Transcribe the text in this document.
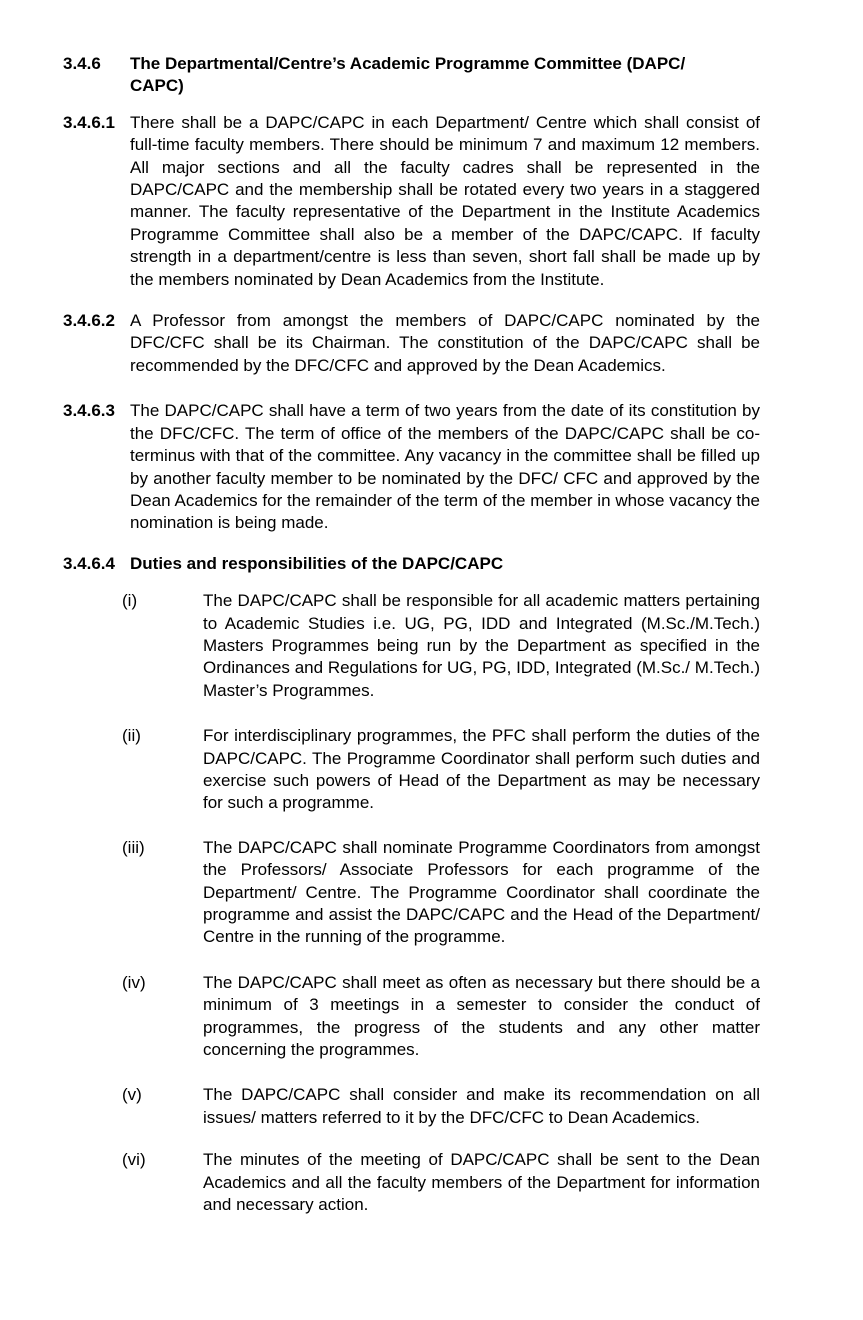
3.4.6	The Departmental/Centre’s Academic Programme Committee (DAPC/
CAPC)
3.4.6.1 There shall be a DAPC/CAPC in each Department/ Centre which shall consist of full-time faculty members. There should be minimum 7 and maximum 12 members. All major sections and all the faculty cadres shall be represented in the DAPC/CAPC and the membership shall be rotated every two years in a staggered manner. The faculty representative of the Department in the Institute Academics Programme Committee shall also be a member of the DAPC/CAPC. If faculty strength in a department/centre is less than seven, short fall shall be made up by the members nominated by Dean Academics from the Institute.
3.4.6.2 A Professor from amongst the members of DAPC/CAPC nominated by the DFC/CFC shall be its Chairman. The constitution of the DAPC/CAPC shall be recommended by the DFC/CFC and approved by the Dean Academics.
3.4.6.3 The DAPC/CAPC shall have a term of two years from the date of its constitution by the DFC/CFC. The term of office of the members of the DAPC/CAPC shall be co-terminus with that of the committee. Any vacancy in the committee shall be filled up by another faculty member to be nominated by the DFC/ CFC and approved by the Dean Academics for the remainder of the term of the member in whose vacancy the nomination is being made.
3.4.6.4 Duties and responsibilities of the DAPC/CAPC
(i)	The DAPC/CAPC shall be responsible for all academic matters pertaining to Academic Studies i.e. UG, PG, IDD and Integrated (M.Sc./M.Tech.) Masters Programmes being run by the Department as specified in the Ordinances and Regulations for UG, PG, IDD, Integrated (M.Sc./ M.Tech.) Master’s Programmes.
(ii)	For interdisciplinary programmes, the PFC shall perform the duties of the DAPC/CAPC. The Programme Coordinator shall perform such duties and exercise such powers of Head of the Department as may be necessary for such a programme.
(iii)	The DAPC/CAPC shall nominate Programme Coordinators from amongst the Professors/ Associate Professors for each programme of the Department/ Centre. The Programme Coordinator shall coordinate the programme and assist the DAPC/CAPC and the Head of the Department/ Centre in the running of the programme.
(iv)	The DAPC/CAPC shall meet as often as necessary but there should be a minimum of 3 meetings in a semester to consider the conduct of programmes, the progress of the students and any other matter concerning the programmes.
(v)	The DAPC/CAPC shall consider and make its recommendation on all issues/ matters referred to it by the DFC/CFC to Dean Academics.
(vi)	The minutes of the meeting of DAPC/CAPC shall be sent to the Dean Academics and all the faculty members of the Department for information and necessary action.
